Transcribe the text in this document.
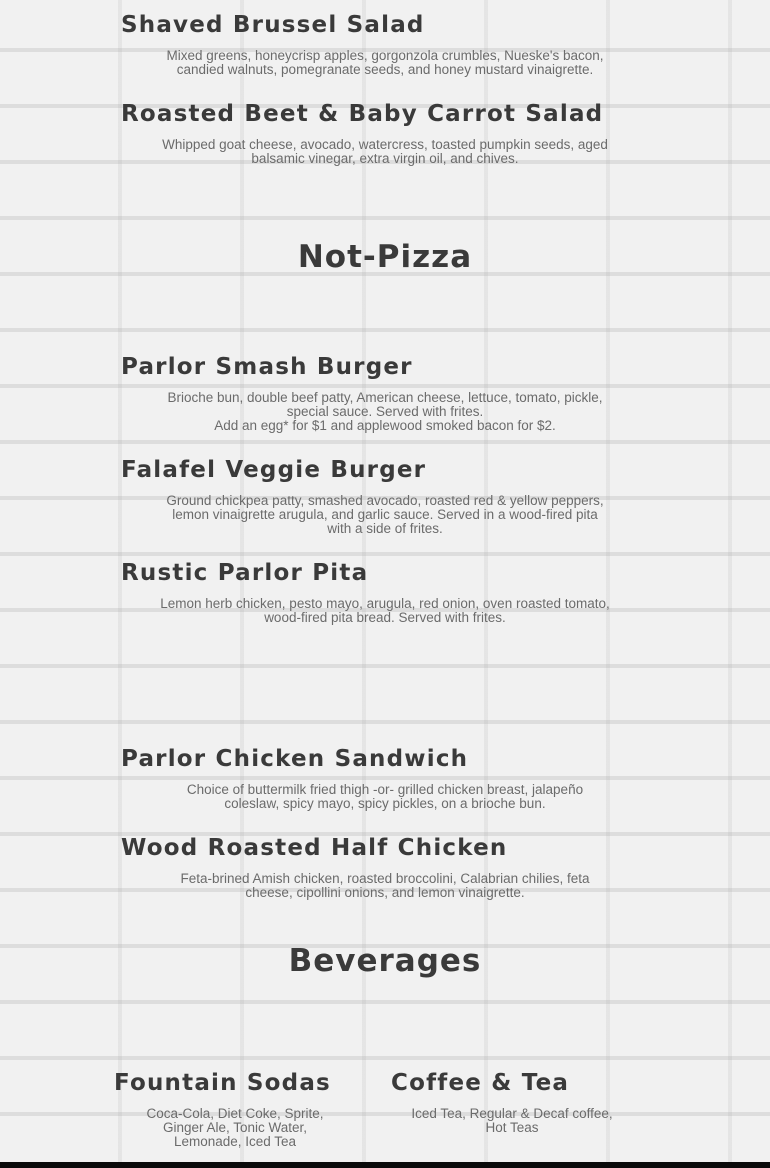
Shaved Brussel Salad

Mixed greens, honeycrisp apples, gorgonzola crumbles, Nueske's bacon,
candied walnuts, pomegranate seeds, and honey mustard vinaigrette.

Roasted Beet & Baby Carrot Salad

Whipped goat cheese, avocado, watercress, toasted pumpkin seeds, aged
balsamic vinegar, extra virgin oil, and chives.

Not-Pizza
Parlor Smash Burger

Brioche bun, double beef patty, American cheese, lettuce, tomato, pickle,
special sauce. Served with frites.
Add an egg* for $1 and applewood smoked bacon for $2.

Falafel Veggie Burger

Ground chickpea patty, smashed avocado, roasted red & yellow peppers,
lemon vinaigrette arugula, and garlic sauce. Served in a wood-fired pita
with a side of frites.

Rustic Parlor Pita

Lemon herb chicken, pesto mayo, arugula, red onion, oven roasted tomato,
wood-fired pita bread. Served with frites.

Parlor Chicken Sandwich

Choice of buttermilk fried thigh -or- grilled chicken breast, jalapeño
coleslaw, spicy mayo, spicy pickles, on a brioche bun.

Wood Roasted Half Chicken

Feta-brined Amish chicken, roasted broccolini, Calabrian chilies, feta
cheese, cipollini onions, and lemon vinaigrette.

Beverages
Fountain Sodas

Coca-Cola, Diet Coke, Sprite,
Ginger Ale, Tonic Water,
Lemonade, Iced Tea

Coffee & Tea

Iced Tea, Regular & Decaf coffee,
Hot Teas
